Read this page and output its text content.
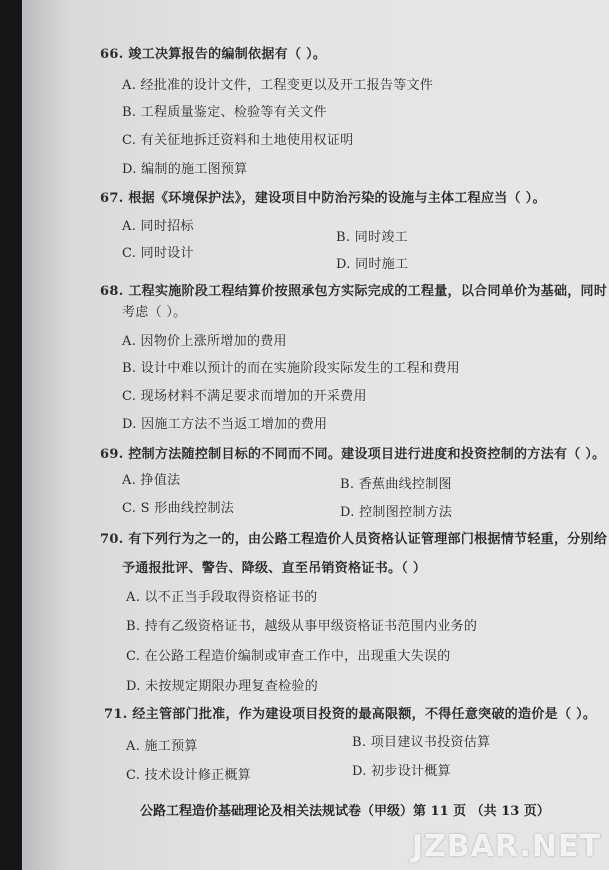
66. 竣工决算报告的编制依据有（ ）。
A. 经批准的设计文件，工程变更以及开工报告等文件
B. 工程质量鉴定、检验等有关文件
C. 有关征地拆迁资料和土地使用权证明
D. 编制的施工图预算
67. 根据《环境保护法》，建设项目中防治污染的设施与主体工程应当（ ）。
A. 同时招标
B. 同时竣工
C. 同时设计
D. 同时施工
68. 工程实施阶段工程结算价按照承包方实际完成的工程量，以合同单价为基础，同时
考虑（ ）。
A. 因物价上涨所增加的费用
B. 设计中难以预计的而在实施阶段实际发生的工程和费用
C. 现场材料不满足要求而增加的开采费用
D. 因施工方法不当返工增加的费用
69. 控制方法随控制目标的不同而不同。建设项目进行进度和投资控制的方法有（ ）。
A. 挣值法	B. 香蕉曲线控制图
C. S 形曲线控制法	D. 控制图控制方法
70. 有下列行为之一的，由公路工程造价人员资格认证管理部门根据情节轻重，分别给
予通报批评、警告、降级、直至吊销资格证书。（ ）
A. 以不正当手段取得资格证书的
B. 持有乙级资格证书，越级从事甲级资格证书范围内业务的
C. 在公路工程造价编制或审查工作中，出现重大失误的
D. 未按规定期限办理复查检验的
71. 经主管部门批准，作为建设项目投资的最高限额，不得任意突破的造价是（ ）。
A. 施工预算	B. 项目建议书投资估算
C. 技术设计修正概算	D. 初步设计概算
公路工程造价基础理论及相关法规试卷（甲级）第 11 页 （共 13 页）
JZBAR.NET
